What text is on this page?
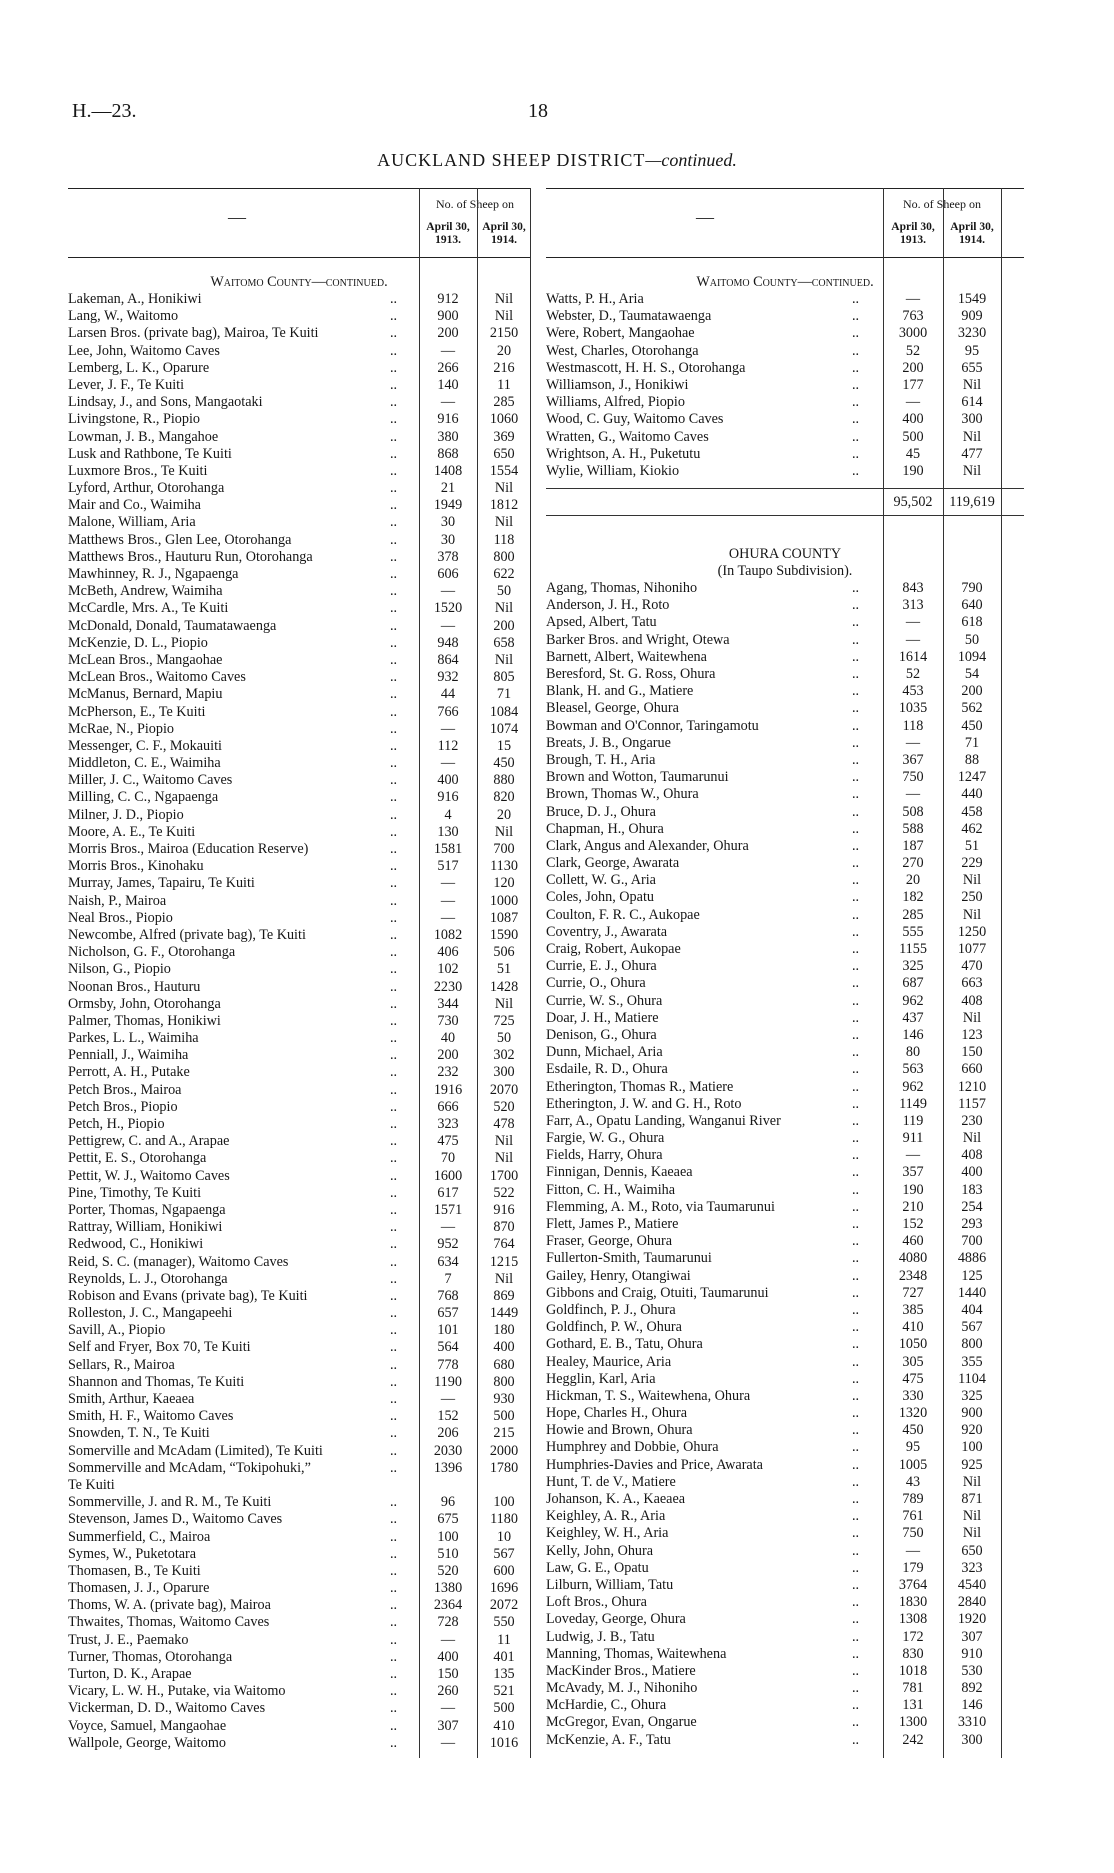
H.—23.	18
AUCKLAND SHEEP DISTRICT—continued.
—
No. of Sheep on
April 30, 1913.
April 30, 1914.
Waitomo County—continued.
Lakeman, A., Honikiwi	..	912	Nil
Lang, W., Waitomo	..	900	Nil
Larsen Bros. (private bag), Mairoa, Te Kuiti	..	200	2150
Lee, John, Waitomo Caves	..	—	20
Lemberg, L. K., Oparure	..	266	216
Lever, J. F., Te Kuiti	..	140	11
Lindsay, J., and Sons, Mangaotaki	..	—	285
Livingstone, R., Piopio	..	916	1060
Lowman, J. B., Mangahoe	..	380	369
Lusk and Rathbone, Te Kuiti	..	868	650
Luxmore Bros., Te Kuiti	..	1408	1554
Lyford, Arthur, Otorohanga	..	21	Nil
Mair and Co., Waimiha	..	1949	1812
Malone, William, Aria	..	30	Nil
Matthews Bros., Glen Lee, Otorohanga	..	30	118
Matthews Bros., Hauturu Run, Otorohanga	..	378	800
Mawhinney, R. J., Ngapaenga	..	606	622
McBeth, Andrew, Waimiha	..	—	50
McCardle, Mrs. A., Te Kuiti	..	1520	Nil
McDonald, Donald, Taumatawaenga	..	—	200
McKenzie, D. L., Piopio	..	948	658
McLean Bros., Mangaohae	..	864	Nil
McLean Bros., Waitomo Caves	..	932	805
McManus, Bernard, Mapiu	..	44	71
McPherson, E., Te Kuiti	..	766	1084
McRae, N., Piopio	..	—	1074
Messenger, C. F., Mokauiti	..	112	15
Middleton, C. E., Waimiha	..	—	450
Miller, J. C., Waitomo Caves	..	400	880
Milling, C. C., Ngapaenga	..	916	820
Milner, J. D., Piopio	..	4	20
Moore, A. E., Te Kuiti	..	130	Nil
Morris Bros., Mairoa (Education Reserve)	..	1581	700
Morris Bros., Kinohaku	..	517	1130
Murray, James, Tapairu, Te Kuiti	..	—	120
Naish, P., Mairoa	..	—	1000
Neal Bros., Piopio	..	—	1087
Newcombe, Alfred (private bag), Te Kuiti	..	1082	1590
Nicholson, G. F., Otorohanga	..	406	506
Nilson, G., Piopio	..	102	51
Noonan Bros., Hauturu	..	2230	1428
Ormsby, John, Otorohanga	..	344	Nil
Palmer, Thomas, Honikiwi	..	730	725
Parkes, L. L., Waimiha	..	40	50
Penniall, J., Waimiha	..	200	302
Perrott, A. H., Putake	..	232	300
Petch Bros., Mairoa	..	1916	2070
Petch Bros., Piopio	..	666	520
Petch, H., Piopio	..	323	478
Pettigrew, C. and A., Arapae	..	475	Nil
Pettit, E. S., Otorohanga	..	70	Nil
Pettit, W. J., Waitomo Caves	..	1600	1700
Pine, Timothy, Te Kuiti	..	617	522
Porter, Thomas, Ngapaenga	..	1571	916
Rattray, William, Honikiwi	..	—	870
Redwood, C., Honikiwi	..	952	764
Reid, S. C. (manager), Waitomo Caves	..	634	1215
Reynolds, L. J., Otorohanga	..	7	Nil
Robison and Evans (private bag), Te Kuiti	..	768	869
Rolleston, J. C., Mangapeehi	..	657	1449
Savill, A., Piopio	..	101	180
Self and Fryer, Box 70, Te Kuiti	..	564	400
Sellars, R., Mairoa	..	778	680
Shannon and Thomas, Te Kuiti	..	1190	800
Smith, Arthur, Kaeaea	..	—	930
Smith, H. F., Waitomo Caves	..	152	500
Snowden, T. N., Te Kuiti	..	206	215
Somerville and McAdam (Limited), Te Kuiti	..	2030	2000
Sommerville and McAdam, “Tokipohuki,”	..	1396	1780
Te Kuiti
Sommerville, J. and R. M., Te Kuiti	..	96	100
Stevenson, James D., Waitomo Caves	..	675	1180
Summerfield, C., Mairoa	..	100	10
Symes, W., Puketotara	..	510	567
Thomasen, B., Te Kuiti	..	520	600
Thomasen, J. J., Oparure	..	1380	1696
Thoms, W. A. (private bag), Mairoa	..	2364	2072
Thwaites, Thomas, Waitomo Caves	..	728	550
Trust, J. E., Paemako	..	—	11
Turner, Thomas, Otorohanga	..	400	401
Turton, D. K., Arapae	..	150	135
Vicary, L. W. H., Putake, via Waitomo	..	260	521
Vickerman, D. D., Waitomo Caves	..	—	500
Voyce, Samuel, Mangaohae	..	307	410
Wallpole, George, Waitomo	..	—	1016
—
No. of Sheep on
April 30, 1913.
April 30, 1914.
Waitomo County—continued.
Watts, P. H., Aria	..	—	1549
Webster, D., Taumatawaenga	..	763	909
Were, Robert, Mangaohae	..	3000	3230
West, Charles, Otorohanga	..	52	95
Westmascott, H. H. S., Otorohanga	..	200	655
Williamson, J., Honikiwi	..	177	Nil
Williams, Alfred, Piopio	..	—	614
Wood, C. Guy, Waitomo Caves	..	400	300
Wratten, G., Waitomo Caves	..	500	Nil
Wrightson, A. H., Puketutu	..	45	477
Wylie, William, Kiokio	..	190	Nil
95,502	119,619
OHURA COUNTY
(In Taupo Subdivision).
Agang, Thomas, Nihoniho	..	843	790
Anderson, J. H., Roto	..	313	640
Apsed, Albert, Tatu	..	—	618
Barker Bros. and Wright, Otewa	..	—	50
Barnett, Albert, Waitewhena	..	1614	1094
Beresford, St. G. Ross, Ohura	..	52	54
Blank, H. and G., Matiere	..	453	200
Bleasel, George, Ohura	..	1035	562
Bowman and O'Connor, Taringamotu	..	118	450
Breats, J. B., Ongarue	..	—	71
Brough, T. H., Aria	..	367	88
Brown and Wotton, Taumarunui	..	750	1247
Brown, Thomas W., Ohura	..	—	440
Bruce, D. J., Ohura	..	508	458
Chapman, H., Ohura	..	588	462
Clark, Angus and Alexander, Ohura	..	187	51
Clark, George, Awarata	..	270	229
Collett, W. G., Aria	..	20	Nil
Coles, John, Opatu	..	182	250
Coulton, F. R. C., Aukopae	..	285	Nil
Coventry, J., Awarata	..	555	1250
Craig, Robert, Aukopae	..	1155	1077
Currie, E. J., Ohura	..	325	470
Currie, O., Ohura	..	687	663
Currie, W. S., Ohura	..	962	408
Doar, J. H., Matiere	..	437	Nil
Denison, G., Ohura	..	146	123
Dunn, Michael, Aria	..	80	150
Esdaile, R. D., Ohura	..	563	660
Etherington, Thomas R., Matiere	..	962	1210
Etherington, J. W. and G. H., Roto	..	1149	1157
Farr, A., Opatu Landing, Wanganui River	..	119	230
Fargie, W. G., Ohura	..	911	Nil
Fields, Harry, Ohura	..	—	408
Finnigan, Dennis, Kaeaea	..	357	400
Fitton, C. H., Waimiha	..	190	183
Flemming, A. M., Roto, via Taumarunui	..	210	254
Flett, James P., Matiere	..	152	293
Fraser, George, Ohura	..	460	700
Fullerton-Smith, Taumarunui	..	4080	4886
Gailey, Henry, Otangiwai	..	2348	125
Gibbons and Craig, Otuiti, Taumarunui	..	727	1440
Goldfinch, P. J., Ohura	..	385	404
Goldfinch, P. W., Ohura	..	410	567
Gothard, E. B., Tatu, Ohura	..	1050	800
Healey, Maurice, Aria	..	305	355
Hegglin, Karl, Aria	..	475	1104
Hickman, T. S., Waitewhena, Ohura	..	330	325
Hope, Charles H., Ohura	..	1320	900
Howie and Brown, Ohura	..	450	920
Humphrey and Dobbie, Ohura	..	95	100
Humphries-Davies and Price, Awarata	..	1005	925
Hunt, T. de V., Matiere	..	43	Nil
Johanson, K. A., Kaeaea	..	789	871
Keighley, A. R., Aria	..	761	Nil
Keighley, W. H., Aria	..	750	Nil
Kelly, John, Ohura	..	—	650
Law, G. E., Opatu	..	179	323
Lilburn, William, Tatu	..	3764	4540
Loft Bros., Ohura	..	1830	2840
Loveday, George, Ohura	..	1308	1920
Ludwig, J. B., Tatu	..	172	307
Manning, Thomas, Waitewhena	..	830	910
MacKinder Bros., Matiere	..	1018	530
McAvady, M. J., Nihoniho	..	781	892
McHardie, C., Ohura	..	131	146
McGregor, Evan, Ongarue	..	1300	3310
McKenzie, A. F., Tatu	..	242	300
